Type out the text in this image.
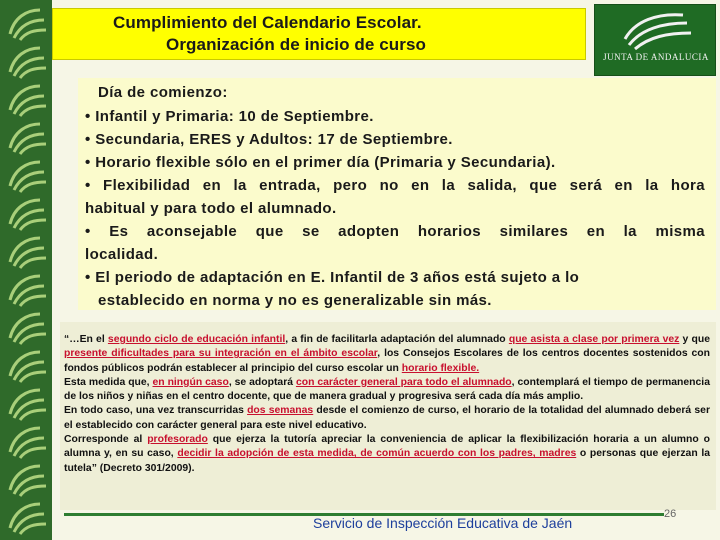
Cumplimiento del Calendario Escolar.
Organización de inicio de curso
JUNTA DE ANDALUCIA
Día de comienzo:
• Infantil y Primaria: 10 de Septiembre.
• Secundaria, ERES y Adultos: 17 de Septiembre.
• Horario flexible sólo en el primer día (Primaria y Secundaria).
• Flexibilidad en la entrada, pero no en la salida, que será en la hora
habitual y para todo el alumnado.
• Es aconsejable que se adopten horarios similares en la misma
localidad.
• El periodo de adaptación en E. Infantil de 3 años está sujeto a lo
establecido en norma y no es generalizable sin más.
“…En el segundo ciclo de educación infantil, a fin de facilitarla adaptación del alumnado que asista a clase por primera vez y que presente dificultades para su integración en el ámbito escolar, los Consejos Escolares de los centros docentes sostenidos con fondos públicos podrán establecer al principio del curso escolar un horario flexible.
Esta medida que, en ningún caso, se adoptará con carácter general para todo el alumnado, contemplará el tiempo de permanencia de los niños y niñas en el centro docente, que de manera gradual y progresiva será cada día más amplio.
En todo caso, una vez transcurridas dos semanas desde el comienzo de curso, el horario de la totalidad del alumnado deberá ser el establecido con carácter general para este nivel educativo.
Corresponde al profesorado que ejerza la tutoría apreciar la conveniencia de aplicar la flexibilización horaria a un alumno o alumna y, en su caso, decidir la adopción de esta medida, de común acuerdo con los padres, madres o personas que ejerzan la tutela” (Decreto 301/2009).
Servicio de Inspección Educativa de Jaén
26
